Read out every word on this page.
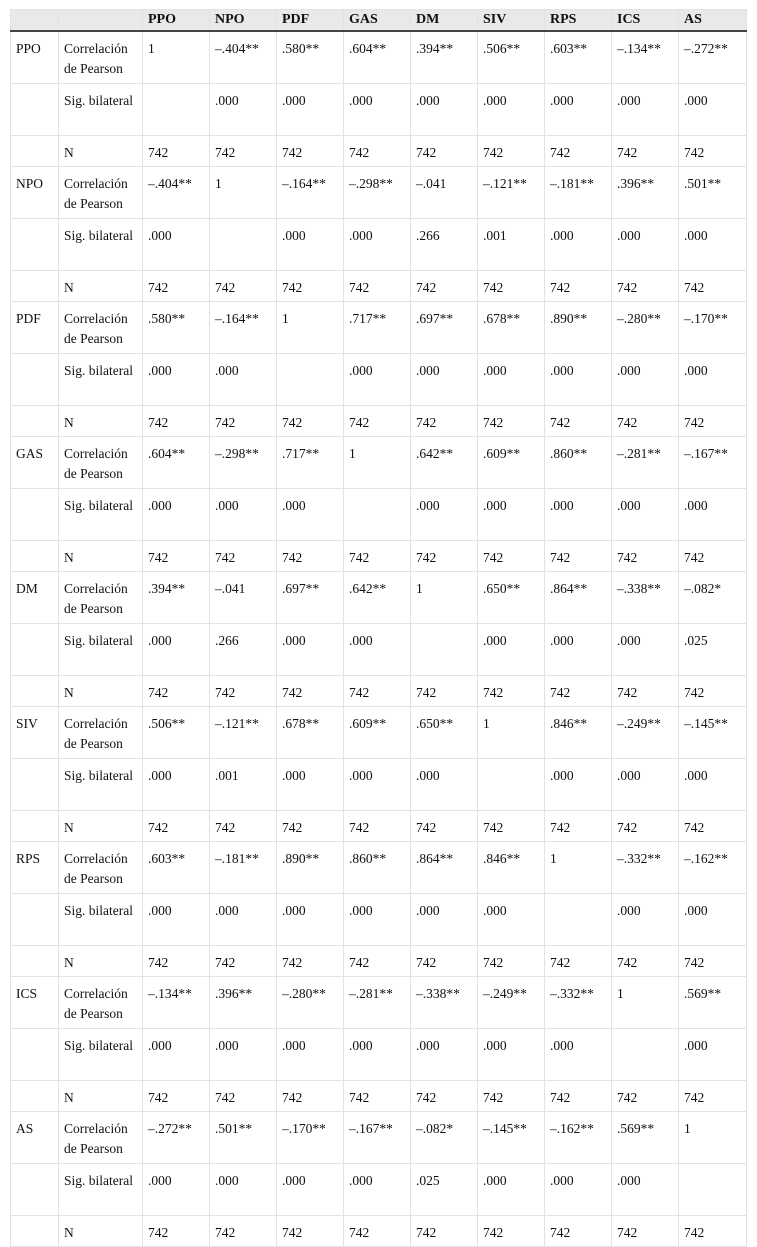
		PPO	NPO	PDF	GAS	DM	SIV	RPS	ICS	AS
PPO	Correlación de Pearson	1	–.404**	.580**	.604**	.394**	.506**	.603**	–.134**	–.272**
	Sig. bilateral		.000	.000	.000	.000	.000	.000	.000	.000
	N	742	742	742	742	742	742	742	742	742
NPO	Correlación de Pearson	–.404**	1	–.164**	–.298**	–.041	–.121**	–.181**	.396**	.501**
	Sig. bilateral	.000		.000	.000	.266	.001	.000	.000	.000
	N	742	742	742	742	742	742	742	742	742
PDF	Correlación de Pearson	.580**	–.164**	1	.717**	.697**	.678**	.890**	–.280**	–.170**
	Sig. bilateral	.000	.000		.000	.000	.000	.000	.000	.000
	N	742	742	742	742	742	742	742	742	742
GAS	Correlación de Pearson	.604**	–.298**	.717**	1	.642**	.609**	.860**	–.281**	–.167**
	Sig. bilateral	.000	.000	.000		.000	.000	.000	.000	.000
	N	742	742	742	742	742	742	742	742	742
DM	Correlación de Pearson	.394**	–.041	.697**	.642**	1	.650**	.864**	–.338**	–.082*
	Sig. bilateral	.000	.266	.000	.000		.000	.000	.000	.025
	N	742	742	742	742	742	742	742	742	742
SIV	Correlación de Pearson	.506**	–.121**	.678**	.609**	.650**	1	.846**	–.249**	–.145**
	Sig. bilateral	.000	.001	.000	.000	.000		.000	.000	.000
	N	742	742	742	742	742	742	742	742	742
RPS	Correlación de Pearson	.603**	–.181**	.890**	.860**	.864**	.846**	1	–.332**	–.162**
	Sig. bilateral	.000	.000	.000	.000	.000	.000		.000	.000
	N	742	742	742	742	742	742	742	742	742
ICS	Correlación de Pearson	–.134**	.396**	–.280**	–.281**	–.338**	–.249**	–.332**	1	.569**
	Sig. bilateral	.000	.000	.000	.000	.000	.000	.000		.000
	N	742	742	742	742	742	742	742	742	742
AS	Correlación de Pearson	–.272**	.501**	–.170**	–.167**	–.082*	–.145**	–.162**	.569**	1
	Sig. bilateral	.000	.000	.000	.000	.025	.000	.000	.000	
	N	742	742	742	742	742	742	742	742	742
